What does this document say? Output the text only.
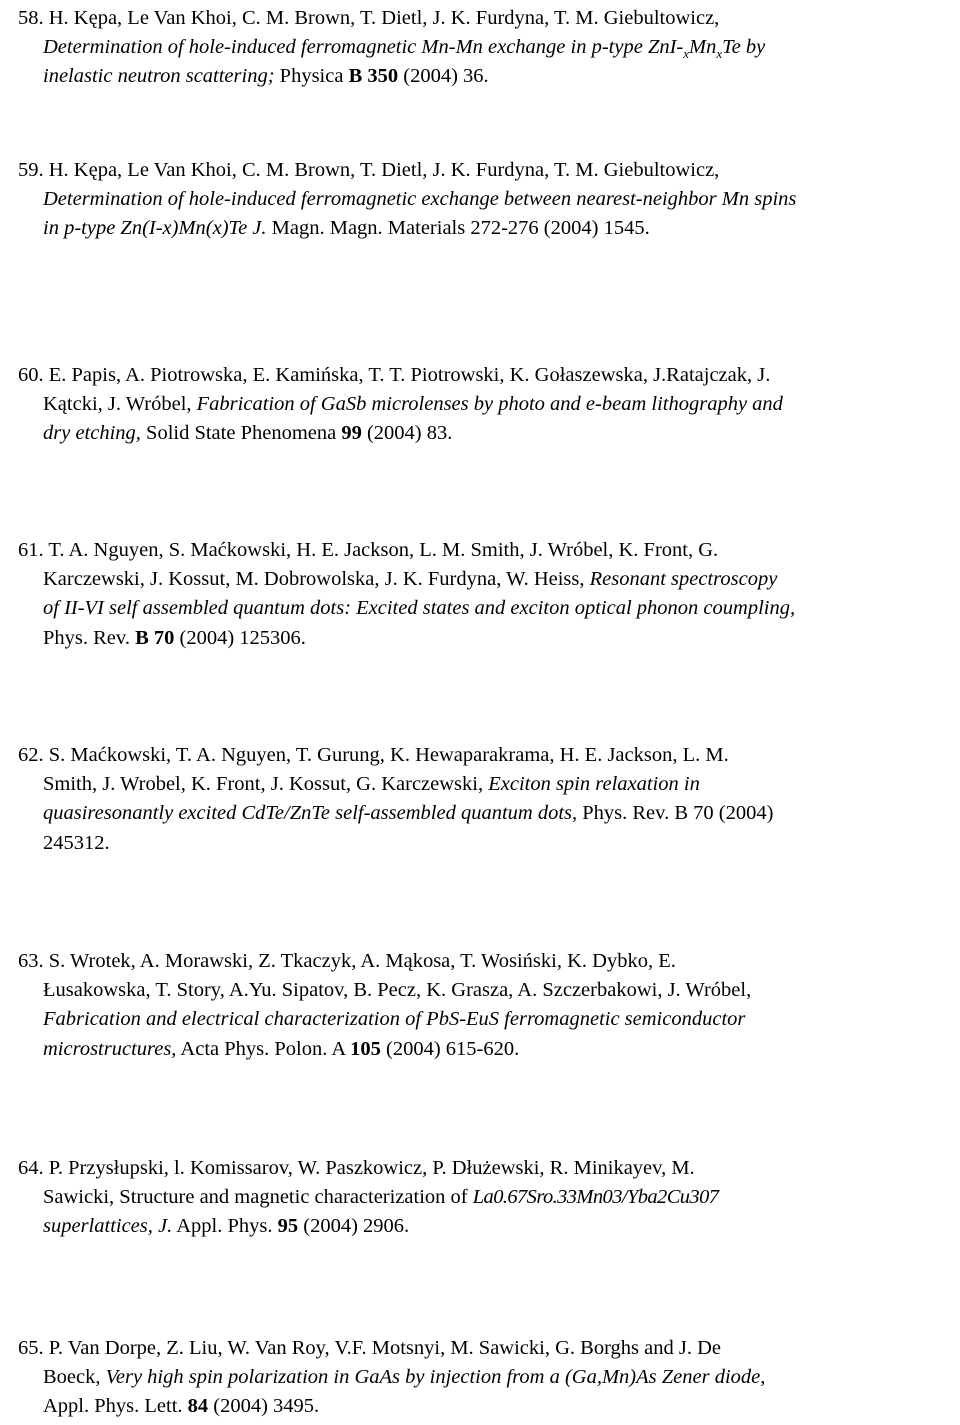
58. H. Kępa, Le Van Khoi, C. M. Brown, T. Dietl, J. K. Furdyna, T. M. Giebultowicz,
Determination of hole-induced ferromagnetic Mn-Mn exchange in p-type ZnI-$_xMn_xTe$ by
inelastic neutron scattering; Physica B 350 (2004) 36.
59. H. Kępa, Le Van Khoi, C. M. Brown, T. Dietl, J. K. Furdyna, T. M. Giebultowicz,
Determination of hole-induced ferromagnetic exchange between nearest-neighbor Mn spins
in p-type Zn(I-x)Mn(x)Te J. Magn. Magn. Materials 272-276 (2004) 1545.
60. E. Papis, A. Piotrowska, E. Kamińska, T. T. Piotrowski, K. Gołaszewska, J.Ratajczak, J.
Kątcki, J. Wróbel, Fabrication of GaSb microlenses by photo and e-beam lithography and
dry etching, Solid State Phenomena 99 (2004) 83.
61. T. A. Nguyen, S. Maćkowski, H. E. Jackson, L. M. Smith, J. Wróbel, K. Front, G.
Karczewski, J. Kossut, M. Dobrowolska, J. K. Furdyna, W. Heiss, Resonant spectroscopy
of II-VI self assembled quantum dots: Excited states and exciton optical phonon coumpling,
Phys. Rev. B 70 (2004) 125306.
62. S. Maćkowski, T. A. Nguyen, T. Gurung, K. Hewaparakrama, H. E. Jackson, L. M.
Smith, J. Wrobel, K. Front, J. Kossut, G. Karczewski, Exciton spin relaxation in
quasiresonantly excited CdTe/ZnTe self-assembled quantum dots, Phys. Rev. B 70 (2004)
245312.
63. S. Wrotek, A. Morawski, Z. Tkaczyk, A. Mąkosa, T. Wosiński, K. Dybko, E.
Łusakowska, T. Story, A.Yu. Sipatov, B. Pecz, K. Grasza, A. Szczerbakowi, J. Wróbel,
Fabrication and electrical characterization of PbS-EuS ferromagnetic semiconductor
microstructures, Acta Phys. Polon. A 105 (2004) 615-620.
64. P. Przysłupski, l. Komissarov, W. Paszkowicz, P. Dłużewski, R. Minikayev, M.
Sawicki, Structure and magnetic characterization of La0.67Sro.33Mn03/Yba2Cu307
superlattices, J. Appl. Phys. 95 (2004) 2906.
65. P. Van Dorpe, Z. Liu, W. Van Roy, V.F. Motsnyi, M. Sawicki, G. Borghs and J. De
Boeck, Very high spin polarization in GaAs by injection from a (Ga,Mn)As Zener diode,
Appl. Phys. Lett. 84 (2004) 3495.
